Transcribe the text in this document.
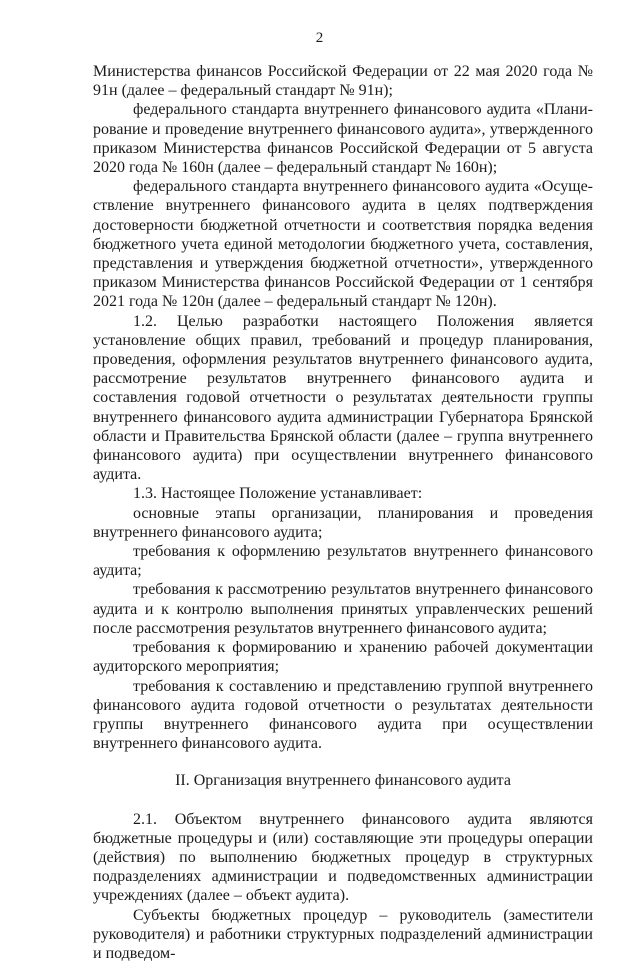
2

Министерства финансов Российской Федерации от 22 мая 2020 года № 91н (далее – федеральный стандарт № 91н);

федерального стандарта внутреннего финансового аудита «Планирование и проведение внутреннего финансового аудита», утвержденного приказом Министерства финансов Российской Федерации от 5 августа 2020 года № 160н (далее – федеральный стандарт № 160н);

федерального стандарта внутреннего финансового аудита «Осуществление внутреннего финансового аудита в целях подтверждения достоверности бюджетной отчетности и соответствия порядка ведения бюджетного учета единой методологии бюджетного учета, составления, представления и утверждения бюджетной отчетности», утвержденного приказом Министерства финансов Российской Федерации от 1 сентября 2021 года № 120н (далее – федеральный стандарт № 120н).

1.2. Целью разработки настоящего Положения является установление общих правил, требований и процедур планирования, проведения, оформления результатов внутреннего финансового аудита, рассмотрение результатов внутреннего финансового аудита и составления годовой отчетности о результатах деятельности группы внутреннего финансового аудита администрации Губернатора Брянской области и Правительства Брянской области (далее – группа внутреннего финансового аудита) при осуществлении внутреннего финансового аудита.

1.3. Настоящее Положение устанавливает:

основные этапы организации, планирования и проведения внутреннего финансового аудита;

требования к оформлению результатов внутреннего финансового аудита;

требования к рассмотрению результатов внутреннего финансового аудита и к контролю выполнения принятых управленческих решений после рассмотрения результатов внутреннего финансового аудита;

требования к формированию и хранению рабочей документации аудиторского мероприятия;

требования к составлению и представлению группой внутреннего финансового аудита годовой отчетности о результатах деятельности группы внутреннего финансового аудита при осуществлении внутреннего финансового аудита.

II. Организация внутреннего финансового аудита

2.1. Объектом внутреннего финансового аудита являются бюджетные процедуры и (или) составляющие эти процедуры операции (действия) по выполнению бюджетных процедур в структурных подразделениях администрации и подведомственных администрации учреждениях (далее – объект аудита).

Субъекты бюджетных процедур – руководитель (заместители руководителя) и работники структурных подразделений администрации и подведом-
